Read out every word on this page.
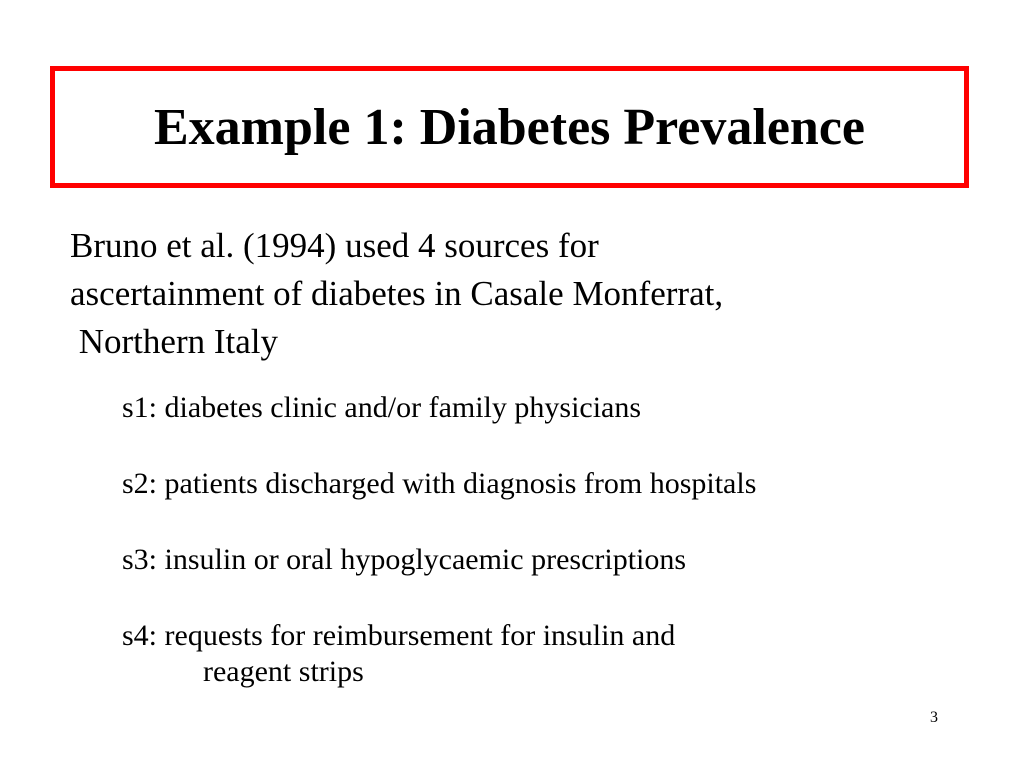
Example 1: Diabetes Prevalence
Bruno et al. (1994) used 4 sources for
ascertainment of diabetes in Casale Monferrat,
Northern Italy
s1: diabetes clinic and/or family physicians
s2: patients discharged with diagnosis from hospitals
s3: insulin or oral hypoglycaemic prescriptions
s4: requests for reimbursement for insulin and
reagent strips
3
